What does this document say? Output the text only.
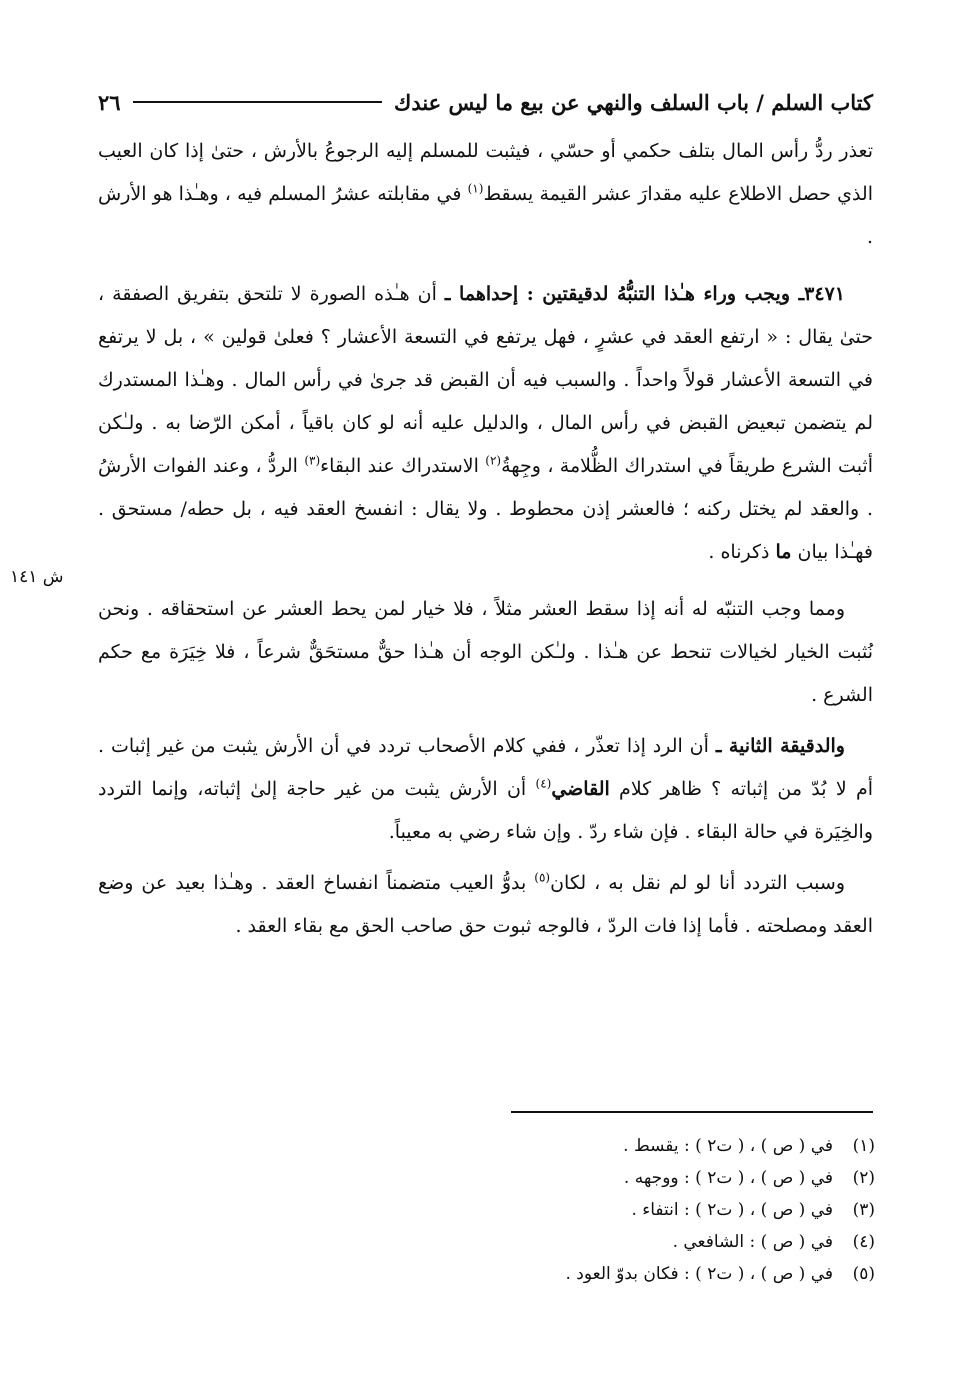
كتاب السلم / باب السلف والنهي عن بيع ما ليس عندك
٢٦

تعذر ردُّ رأس المال بتلف حكمي أو حسّي ، فيثبت للمسلم إليه الرجوعُ بالأرش ، حتىٰ إذا كان العيب الذي حصل الاطلاع عليه مقدارَ عشر القيمة يسقط$^{(١)}$ في مقابلته عشرُ المسلم فيه ، وهـٰذا هو الأرش .

٣٤٧١ـ ويجب وراء هـٰذا التنبُّهُ لدقيقتين : إحداهما ـ أن هـٰذه الصورة لا تلتحق بتفريق الصفقة ، حتىٰ يقال : « ارتفع العقد في عشرٍ ، فهل يرتفع في التسعة الأعشار ؟ فعلىٰ قولين » ، بل لا يرتفع في التسعة الأعشار قولاً واحداً . والسبب فيه أن القبض قد جرىٰ في رأس المال . وهـٰذا المستدرك لم يتضمن تبعيض القبض في رأس المال ، والدليل عليه أنه لو كان باقياً ، أمكن الرّضا به . ولـٰكن أثبت الشرع طريقاً في استدراك الظُّلامة ، وجِهةُ$^{(٢)}$ الاستدراك عند البقاء$^{(٣)}$ الردُّ ، وعند الفوات الأرشُ . والعقد لم يختل ركنه ؛ فالعشر إذن محطوط . ولا يقال : انفسخ العقد فيه ، بل حطه/ مستحق . فهـٰذا بيان ما ذكرناه .

ومما وجب التنبّه له أنه إذا سقط العشر مثلاً ، فلا خيار لمن يحط العشر عن استحقاقه . ونحن نُثبت الخيار لخيالات تنحط عن هـٰذا . ولـٰكن الوجه أن هـٰذا حقٌّ مستحَقٌّ شرعاً ، فلا خِيَرَة مع حكم الشرع .

والدقيقة الثانية ـ أن الرد إذا تعذّر ، ففي كلام الأصحاب تردد في أن الأرش يثبت من غير إثبات . أم لا بُدّ من إثباته ؟ ظاهر كلام القاضي$^{(٤)}$ أن الأرش يثبت من غير حاجة إلىٰ إثباته، وإنما التردد والخِيَرة في حالة البقاء . فإن شاء ردّ . وإن شاء رضي به معيباً.

وسبب التردد أنا لو لم نقل به ، لكان$^{(٥)}$ بدوُّ العيب متضمناً انفساخ العقد . وهـٰذا بعيد عن وضع العقد ومصلحته . فأما إذا فات الردّ ، فالوجه ثبوت حق صاحب الحق مع بقاء العقد .

ش ١٤١
(١)
في ( ص ) ، ( ت٢ ) : يقسط .
(٢)
في ( ص ) ، ( ت٢ ) : ووجهه .
(٣)
في ( ص ) ، ( ت٢ ) : انتفاء .
(٤)
في ( ص ) : الشافعي .
(٥)
في ( ص ) ، ( ت٢ ) : فكان بدوّ العود .
